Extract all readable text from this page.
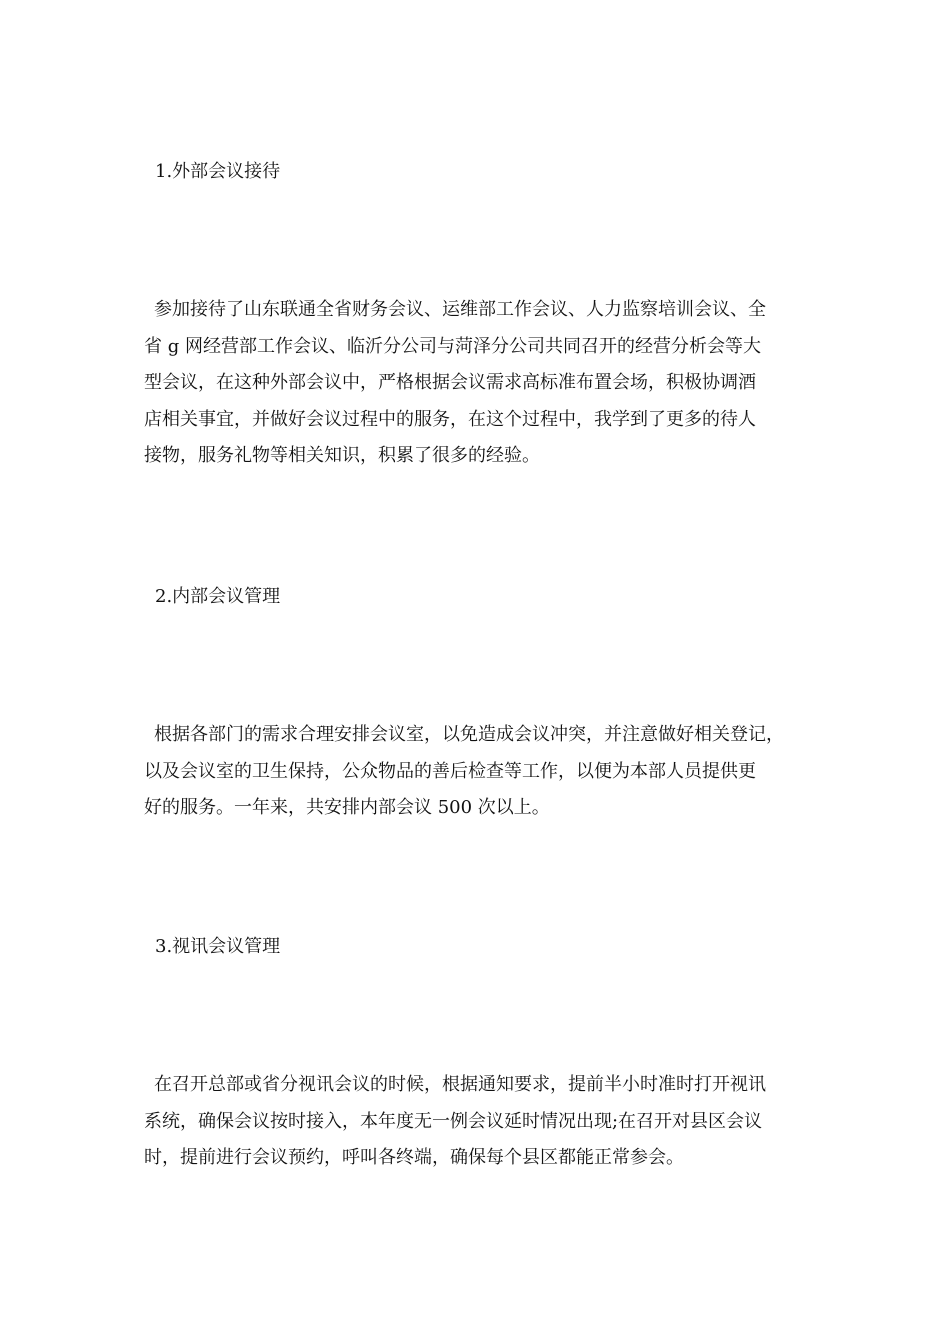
1.外部会议接待
参加接待了山东联通全省财务会议、运维部工作会议、人力监察培训会议、全
省 g 网经营部工作会议、临沂分公司与菏泽分公司共同召开的经营分析会等大
型会议，在这种外部会议中，严格根据会议需求高标准布置会场，积极协调酒
店相关事宜，并做好会议过程中的服务，在这个过程中，我学到了更多的待人
接物，服务礼物等相关知识，积累了很多的经验。
2.内部会议管理
根据各部门的需求合理安排会议室，以免造成会议冲突，并注意做好相关登记，
以及会议室的卫生保持，公众物品的善后检查等工作，以便为本部人员提供更
好的服务。一年来，共安排内部会议 500 次以上。
3.视讯会议管理
在召开总部或省分视讯会议的时候，根据通知要求，提前半小时准时打开视讯
系统，确保会议按时接入，本年度无一例会议延时情况出现;在召开对县区会议
时，提前进行会议预约，呼叫各终端，确保每个县区都能正常参会。
